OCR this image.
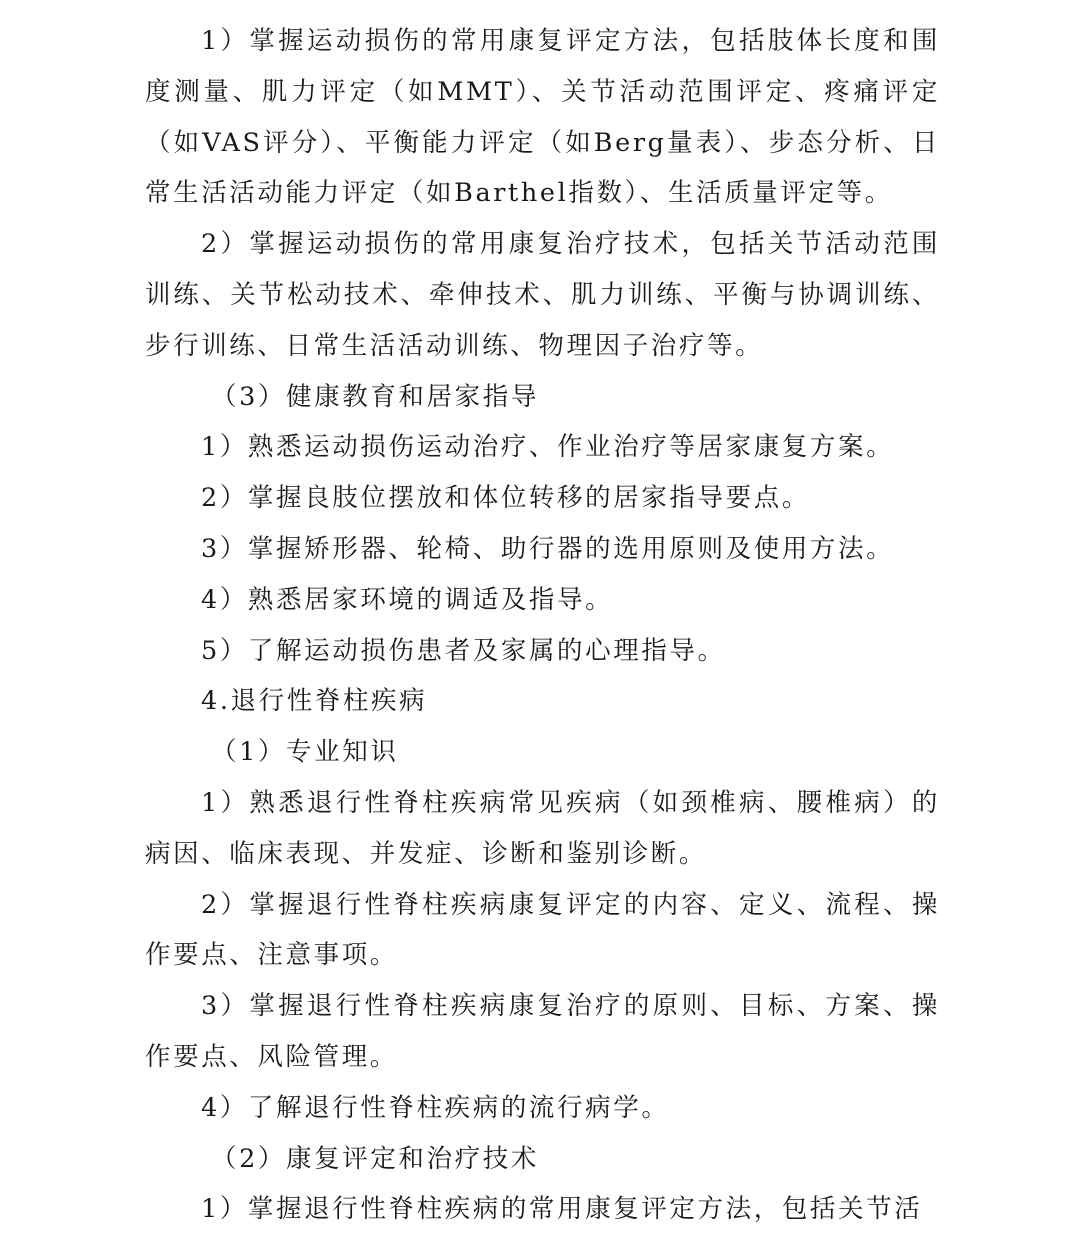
1）掌握运动损伤的常用康复评定方法，包括肢体长度和围度测量、肌力评定（如MMT）、关节活动范围评定、疼痛评定（如VAS评分）、平衡能力评定（如Berg量表）、步态分析、日常生活活动能力评定（如Barthel指数）、生活质量评定等。

2）掌握运动损伤的常用康复治疗技术，包括关节活动范围训练、关节松动技术、牵伸技术、肌力训练、平衡与协调训练、步行训练、日常生活活动训练、物理因子治疗等。

（3）健康教育和居家指导

1）熟悉运动损伤运动治疗、作业治疗等居家康复方案。

2）掌握良肢位摆放和体位转移的居家指导要点。

3）掌握矫形器、轮椅、助行器的选用原则及使用方法。

4）熟悉居家环境的调适及指导。

5）了解运动损伤患者及家属的心理指导。

4.退行性脊柱疾病

（1）专业知识

1）熟悉退行性脊柱疾病常见疾病（如颈椎病、腰椎病）的病因、临床表现、并发症、诊断和鉴别诊断。

2）掌握退行性脊柱疾病康复评定的内容、定义、流程、操作要点、注意事项。

3）掌握退行性脊柱疾病康复治疗的原则、目标、方案、操作要点、风险管理。

4）了解退行性脊柱疾病的流行病学。

（2）康复评定和治疗技术

1）掌握退行性脊柱疾病的常用康复评定方法，包括关节活
